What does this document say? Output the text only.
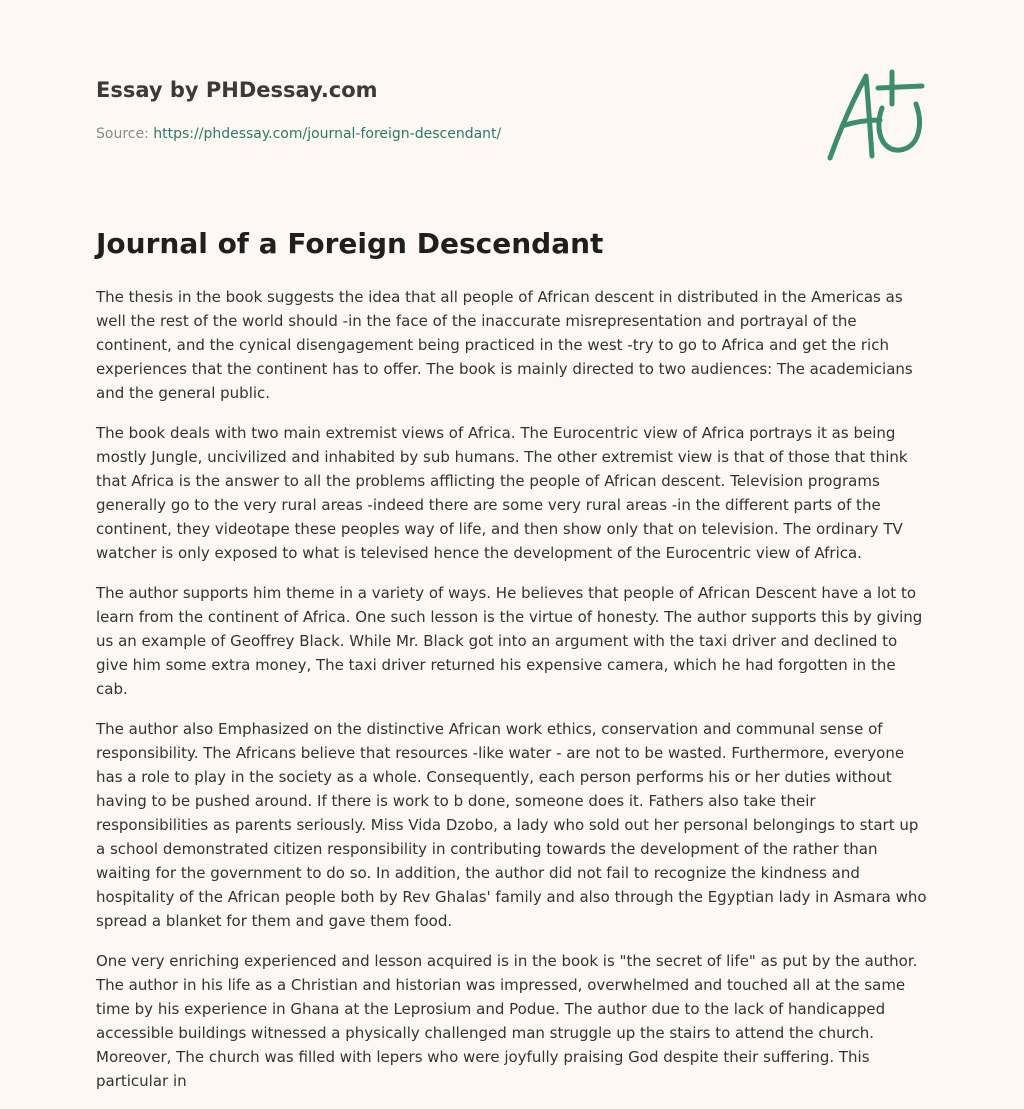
Essay by PHDessay.com
Source: https://phdessay.com/journal-foreign-descendant/
Journal of a Foreign Descendant

The thesis in the book suggests the idea that all people of African descent in distributed in the Americas as well the rest of the world should -in the face of the inaccurate misrepresentation and portrayal of the continent, and the cynical disengagement being practiced in the west -try to go to Africa and get the rich experiences that the continent has to offer. The book is mainly directed to two audiences: The academicians and the general public.

The book deals with two main extremist views of Africa. The Eurocentric view of Africa portrays it as being mostly Jungle, uncivilized and inhabited by sub humans. The other extremist view is that of those that think that Africa is the answer to all the problems afflicting the people of African descent. Television programs generally go to the very rural areas -indeed there are some very rural areas -in the different parts of the continent, they videotape these peoples way of life, and then show only that on television. The ordinary TV watcher is only exposed to what is televised hence the development of the Eurocentric view of Africa.

The author supports him theme in a variety of ways. He believes that people of African Descent have a lot to learn from the continent of Africa. One such lesson is the virtue of honesty. The author supports this by giving us an example of Geoffrey Black. While Mr. Black got into an argument with the taxi driver and declined to give him some extra money, The taxi driver returned his expensive camera, which he had forgotten in the cab.

The author also Emphasized on the distinctive African work ethics, conservation and communal sense of responsibility. The Africans believe that resources -like water - are not to be wasted. Furthermore, everyone has a role to play in the society as a whole. Consequently, each person performs his or her duties without having to be pushed around. If there is work to b done, someone does it. Fathers also take their responsibilities as parents seriously. Miss Vida Dzobo, a lady who sold out her personal belongings to start up a school demonstrated citizen responsibility in contributing towards the development of the rather than waiting for the government to do so. In addition, the author did not fail to recognize the kindness and hospitality of the African people both by Rev Ghalas' family and also through the Egyptian lady in Asmara who spread a blanket for them and gave them food.

One very enriching experienced and lesson acquired is in the book is "the secret of life" as put by the author. The author in his life as a Christian and historian was impressed, overwhelmed and touched all at the same time by his experience in Ghana at the Leprosium and Podue. The author due to the lack of handicapped accessible buildings witnessed a physically challenged man struggle up the stairs to attend the church. Moreover, The church was filled with lepers who were joyfully praising God despite their suffering. This particular in
